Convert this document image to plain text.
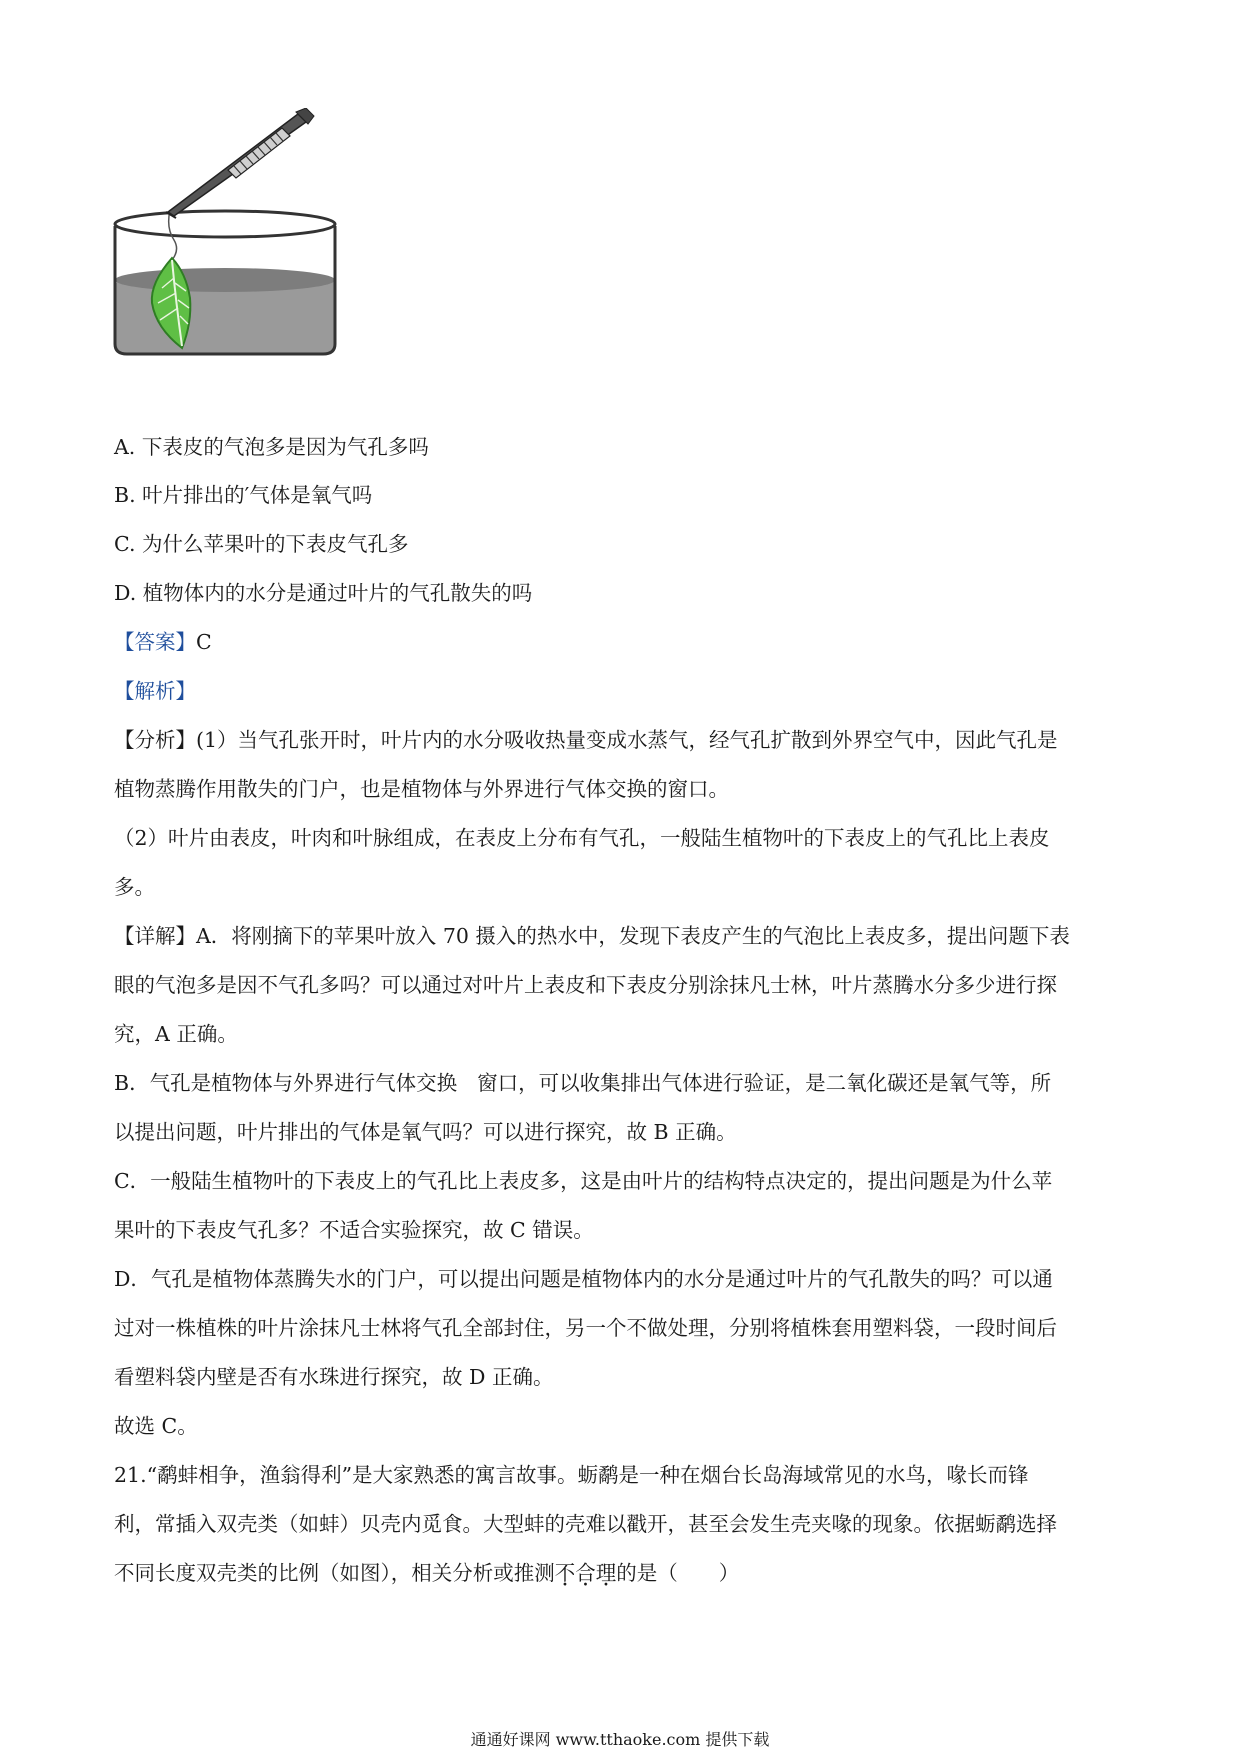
A. 下表皮的气泡多是因为气孔多吗
B. 叶片排出的′气体是氧气吗
C. 为什么苹果叶的下表皮气孔多
D. 植物体内的水分是通过叶片的气孔散失的吗
【答案】C
【解析】
【分析】(1）当气孔张开时，叶片内的水分吸收热量变成水蒸气，经气孔扩散到外界空气中，因此气孔是
植物蒸腾作用散失的门户，也是植物体与外界进行气体交换的窗口。
（2）叶片由表皮，叶肉和叶脉组成，在表皮上分布有气孔，一般陆生植物叶的下表皮上的气孔比上表皮
多。
【详解】A．将刚摘下的苹果叶放入 70 摄入的热水中，发现下表皮产生的气泡比上表皮多，提出问题下表
眼的气泡多是因不气孔多吗？可以通过对叶片上表皮和下表皮分别涂抹凡士林，叶片蒸腾水分多少进行探
究，A 正确。
B．气孔是植物体与外界进行气体交换 窗口，可以收集排出气体进行验证，是二氧化碳还是氧气等，所
以提出问题，叶片排出的气体是氧气吗？可以进行探究，故 B 正确。
C．一般陆生植物叶的下表皮上的气孔比上表皮多，这是由叶片的结构特点决定的，提出问题是为什么苹
果叶的下表皮气孔多？不适合实验探究，故 C 错误。
D．气孔是植物体蒸腾失水的门户，可以提出问题是植物体内的水分是通过叶片的气孔散失的吗？可以通
过对一株植株的叶片涂抹凡士林将气孔全部封住，另一个不做处理，分别将植株套用塑料袋，一段时间后
看塑料袋内壁是否有水珠进行探究，故 D 正确。
故选 C。
21.“鹬蚌相争，渔翁得利”是大家熟悉的寓言故事。蛎鹬是一种在烟台长岛海域常见的水鸟，喙长而锋
利，常插入双壳类（如蚌）贝壳内觅食。大型蚌的壳难以戳开，甚至会发生壳夹喙的现象。依据蛎鹬选择
不同长度双壳类的比例（如图），相关分析或推测不合理的是（　　）
通通好课网 www.tthaoke.com 提供下载
